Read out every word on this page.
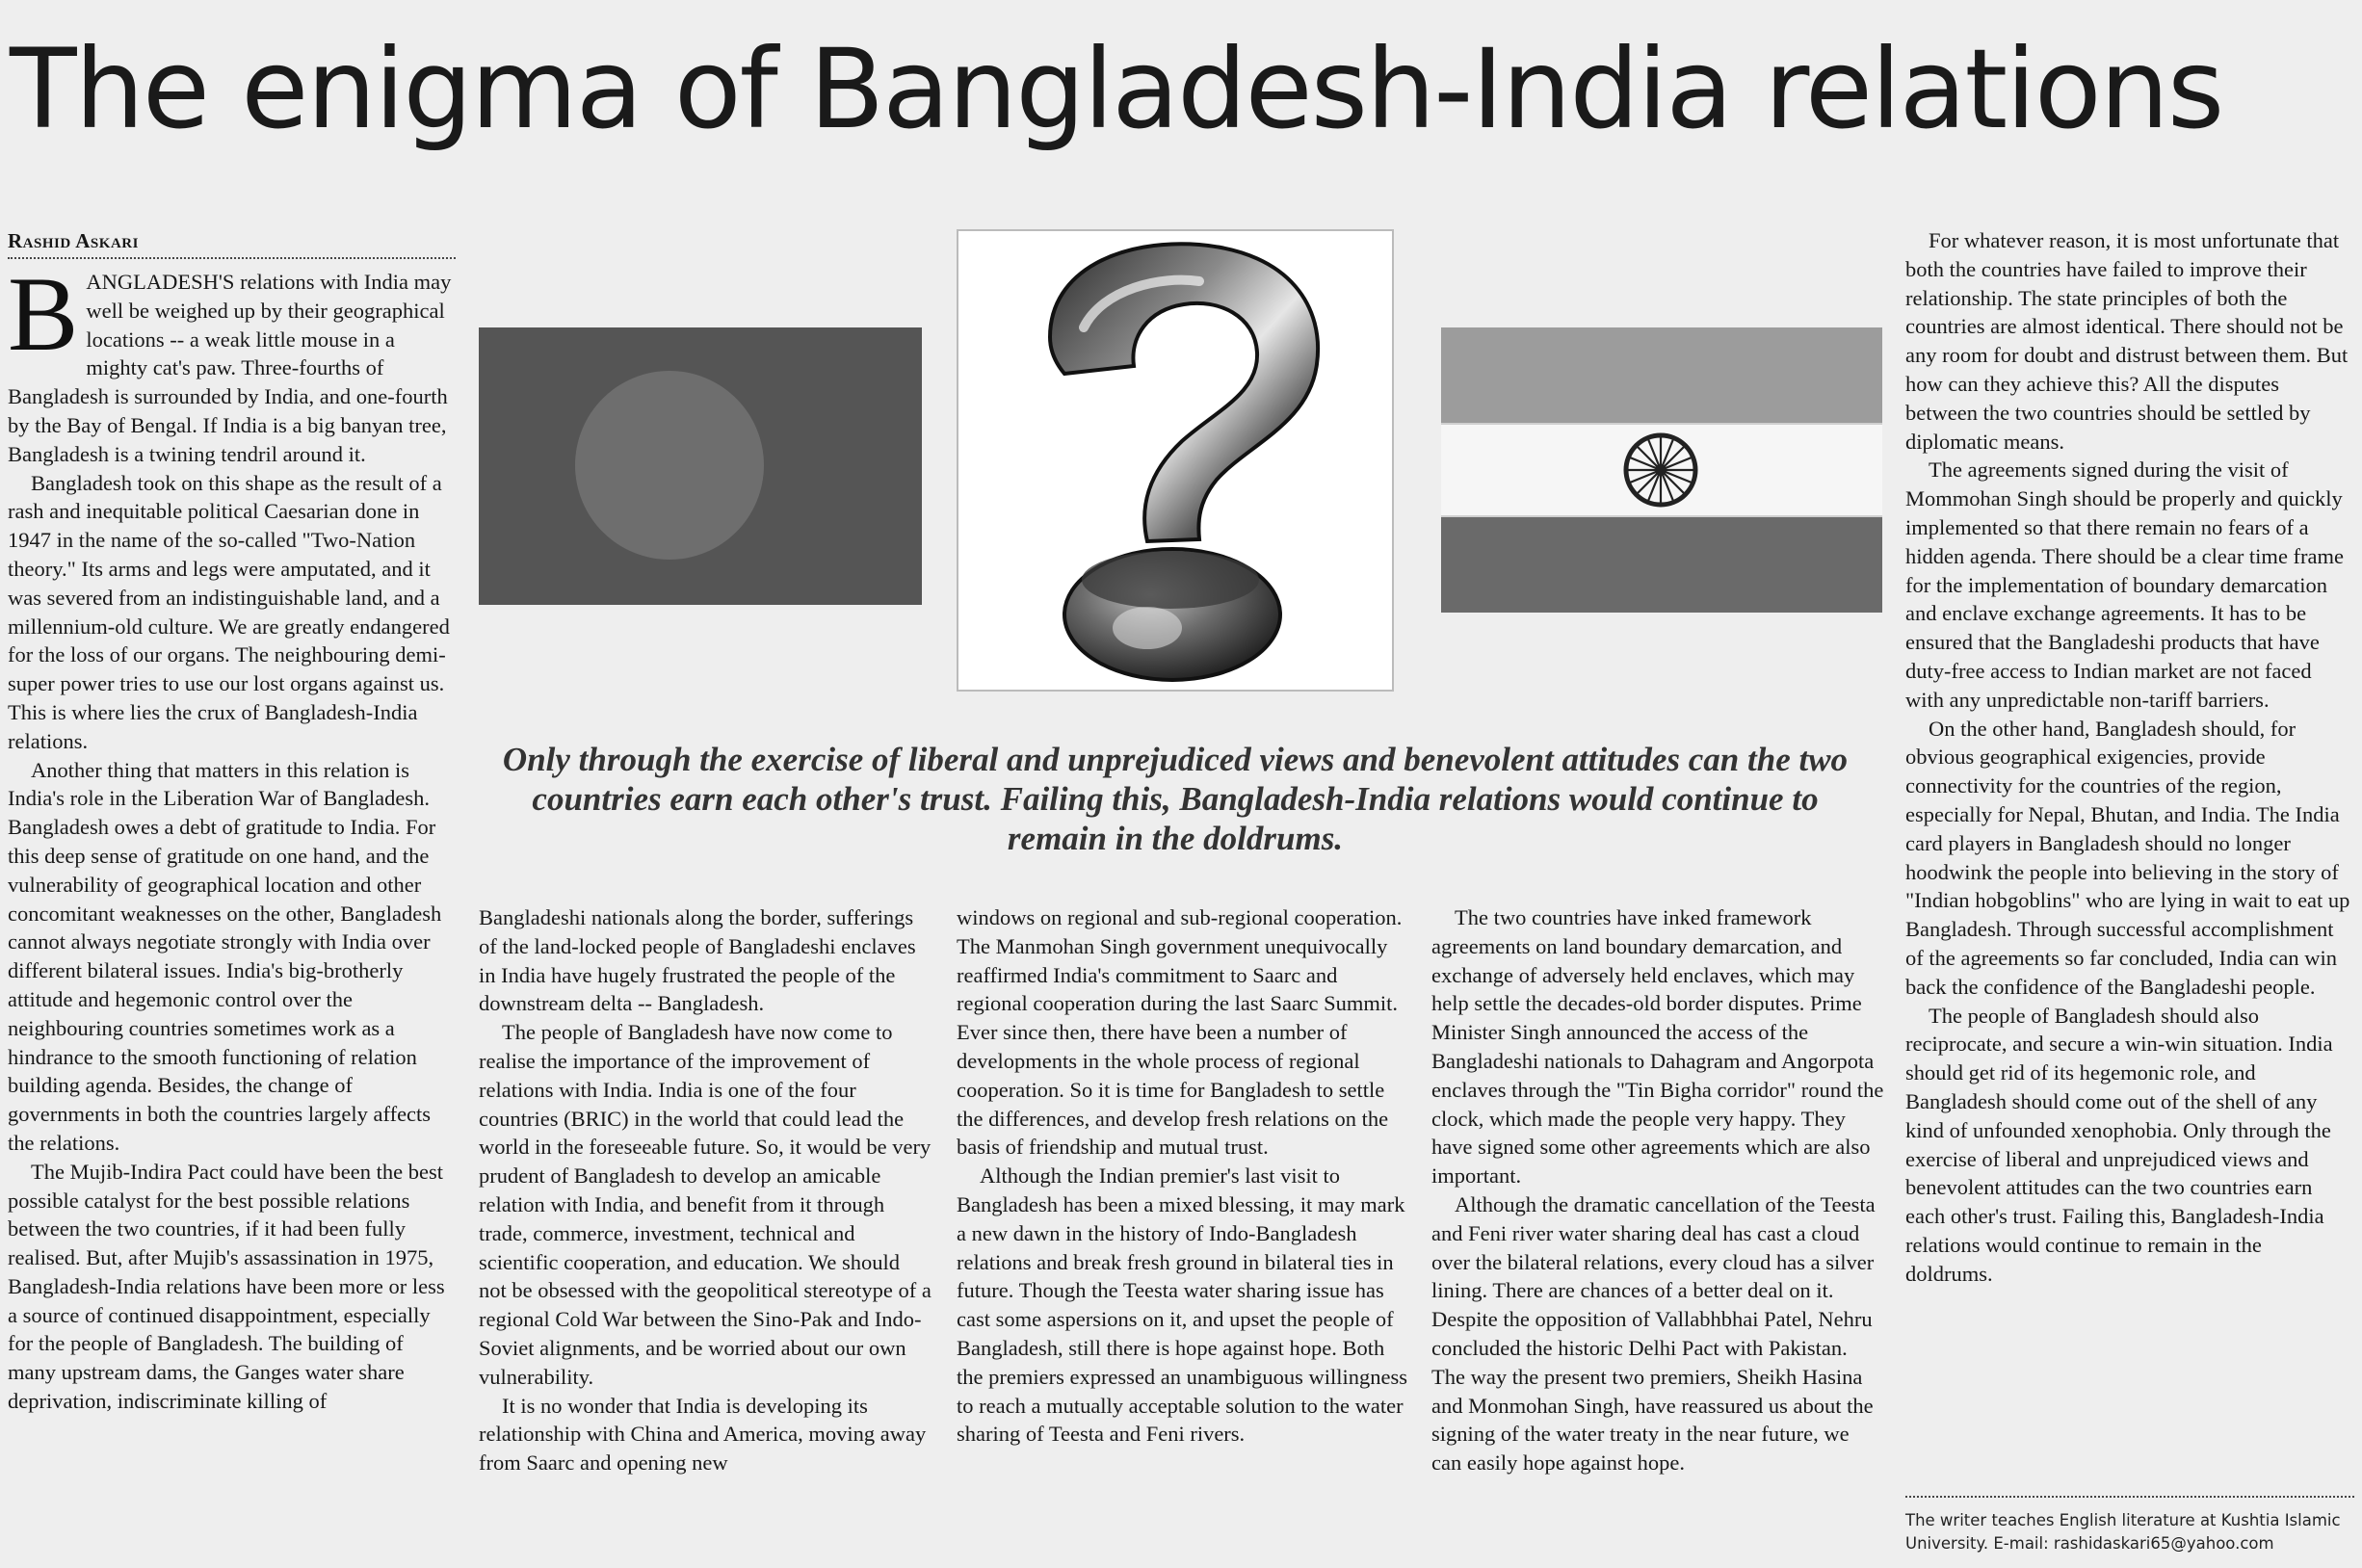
The enigma of Bangladesh-India relations
Rashid Askari

BANGLADESH'S relations with India may well be weighed up by their geographical locations -- a weak little mouse in a mighty cat's paw. Three-fourths of Bangladesh is surrounded by India, and one-fourth by the Bay of Bengal. If India is a big banyan tree, Bangladesh is a twining tendril around it.

Bangladesh took on this shape as the result of a rash and inequitable political Caesarian done in 1947 in the name of the so-called "Two-Nation theory." Its arms and legs were amputated, and it was severed from an indistinguishable land, and a millennium-old culture. We are greatly endangered for the loss of our organs. The neighbouring demi-super power tries to use our lost organs against us. This is where lies the crux of Bangladesh-India relations.

Another thing that matters in this relation is India's role in the Liberation War of Bangladesh. Bangladesh owes a debt of gratitude to India. For this deep sense of gratitude on one hand, and the vulnerability of geographical location and other concomitant weaknesses on the other, Bangladesh cannot always negotiate strongly with India over different bilateral issues. India's big-brotherly attitude and hegemonic control over the neighbouring countries sometimes work as a hindrance to the smooth functioning of relation building agenda. Besides, the change of governments in both the countries largely affects the relations.

The Mujib-Indira Pact could have been the best possible catalyst for the best possible relations between the two countries, if it had been fully realised. But, after Mujib's assassination in 1975, Bangladesh-India relations have been more or less a source of continued disappointment, especially for the people of Bangladesh. The building of many upstream dams, the Ganges water share deprivation, indiscriminate killing of

Only through the exercise of liberal and unprejudiced views and benevolent attitudes can the two countries earn each other's trust. Failing this, Bangladesh-India relations would continue to remain in the doldrums.

Bangladeshi nationals along the border, sufferings of the land-locked people of Bangladeshi enclaves in India have hugely frustrated the people of the downstream delta -- Bangladesh.

The people of Bangladesh have now come to realise the importance of the improvement of relations with India. India is one of the four countries (BRIC) in the world that could lead the world in the foreseeable future. So, it would be very prudent of Bangladesh to develop an amicable relation with India, and benefit from it through trade, commerce, investment, technical and scientific cooperation, and education. We should not be obsessed with the geopolitical stereotype of a regional Cold War between the Sino-Pak and Indo-Soviet alignments, and be worried about our own vulnerability.

It is no wonder that India is developing its relationship with China and America, moving away from Saarc and opening new

windows on regional and sub-regional cooperation. The Manmohan Singh government unequivocally reaffirmed India's commitment to Saarc and regional cooperation during the last Saarc Summit. Ever since then, there have been a number of developments in the whole process of regional cooperation. So it is time for Bangladesh to settle the differences, and develop fresh relations on the basis of friendship and mutual trust.

Although the Indian premier's last visit to Bangladesh has been a mixed blessing, it may mark a new dawn in the history of Indo-Bangladesh relations and break fresh ground in bilateral ties in future. Though the Teesta water sharing issue has cast some aspersions on it, and upset the people of Bangladesh, still there is hope against hope. Both the premiers expressed an unambiguous willingness to reach a mutually acceptable solution to the water sharing of Teesta and Feni rivers.

The two countries have inked framework agreements on land boundary demarcation, and exchange of adversely held enclaves, which may help settle the decades-old border disputes. Prime Minister Singh announced the access of the Bangladeshi nationals to Dahagram and Angorpota enclaves through the "Tin Bigha corridor" round the clock, which made the people very happy. They have signed some other agreements which are also important.

Although the dramatic cancellation of the Teesta and Feni river water sharing deal has cast a cloud over the bilateral relations, every cloud has a silver lining. There are chances of a better deal on it. Despite the opposition of Vallabhbhai Patel, Nehru concluded the historic Delhi Pact with Pakistan. The way the present two premiers, Sheikh Hasina and Monmohan Singh, have reassured us about the signing of the water treaty in the near future, we can easily hope against hope.

For whatever reason, it is most unfortunate that both the countries have failed to improve their relationship. The state principles of both the countries are almost identical. There should not be any room for doubt and distrust between them. But how can they achieve this? All the disputes between the two countries should be settled by diplomatic means.

The agreements signed during the visit of Mommohan Singh should be properly and quickly implemented so that there remain no fears of a hidden agenda. There should be a clear time frame for the implementation of boundary demarcation and enclave exchange agreements. It has to be ensured that the Bangladeshi products that have duty-free access to Indian market are not faced with any unpredictable non-tariff barriers.

On the other hand, Bangladesh should, for obvious geographical exigencies, provide connectivity for the countries of the region, especially for Nepal, Bhutan, and India. The India card players in Bangladesh should no longer hoodwink the people into believing in the story of "Indian hobgoblins" who are lying in wait to eat up Bangladesh. Through successful accomplishment of the agreements so far concluded, India can win back the confidence of the Bangladeshi people.

The people of Bangladesh should also reciprocate, and secure a win-win situation. India should get rid of its hegemonic role, and Bangladesh should come out of the shell of any kind of unfounded xenophobia. Only through the exercise of liberal and unprejudiced views and benevolent attitudes can the two countries earn each other's trust. Failing this, Bangladesh-India relations would continue to remain in the doldrums.

The writer teaches English literature at Kushtia Islamic University. E-mail: rashidaskari65@yahoo.com
